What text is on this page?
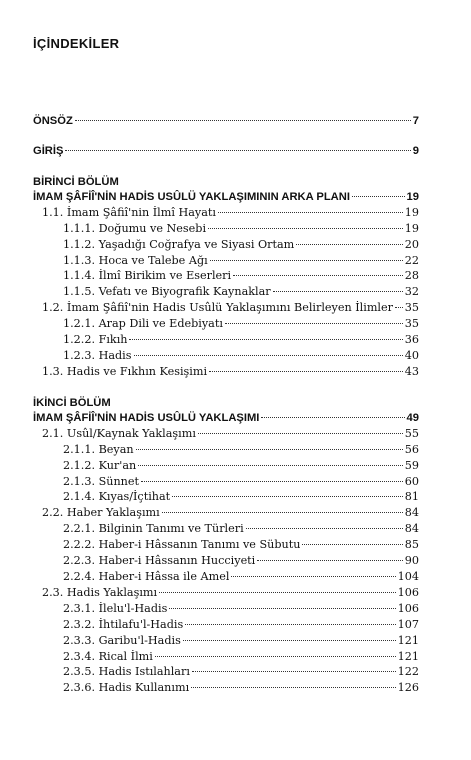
İÇİNDEKİLER
ÖNSÖZ	7
GİRİŞ	9
BİRİNCİ BÖLÜM
İMAM ŞÂFİÎ'NİN HADİS USÛLÜ YAKLAŞIMININ ARKA PLANI	19
1.1. İmam Şâfiî'nin İlmî Hayatı	19
1.1.1. Doğumu ve Nesebi	19
1.1.2. Yaşadığı Coğrafya ve Siyasi Ortam	20
1.1.3. Hoca ve Talebe Ağı	22
1.1.4. İlmî Birikim ve Eserleri	28
1.1.5. Vefatı ve Biyografik Kaynaklar	32
1.2. İmam Şâfiî'nin Hadis Usûlü Yaklaşımını Belirleyen İlimler 35
1.2.1. Arap Dili ve Edebiyatı	35
1.2.2. Fıkıh	36
1.2.3. Hadis	40
1.3. Hadis ve Fıkhın Kesişimi	43
İKİNCİ BÖLÜM
İMAM ŞÂFİÎ'NİN HADİS USÛLÜ YAKLAŞIMI	49
2.1. Usûl/Kaynak Yaklaşımı	55
2.1.1. Beyan	56
2.1.2. Kur'an	59
2.1.3. Sünnet	60
2.1.4. Kıyas/İçtihat	81
2.2. Haber Yaklaşımı	84
2.2.1. Bilginin Tanımı ve Türleri	84
2.2.2. Haber-i Hâssanın Tanımı ve Sübutu	85
2.2.3. Haber-i Hâssanın Hucciyeti	90
2.2.4. Haber-i Hâssa ile Amel	104
2.3. Hadis Yaklaşımı	106
2.3.1. İlelu'l-Hadis	106
2.3.2. İhtilafu'l-Hadis	107
2.3.3. Garibu'l-Hadis	121
2.3.4. Rical İlmi	121
2.3.5. Hadis Istılahları	122
2.3.6. Hadis Kullanımı	126
